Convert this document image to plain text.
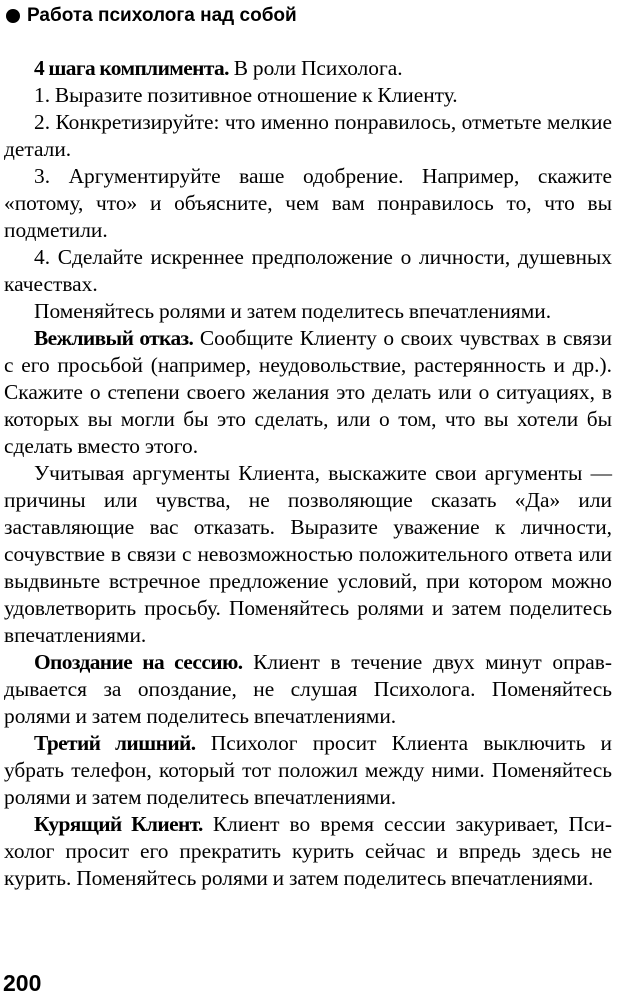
Работа психолога над собой

4 шага комплимента. В роли Психолога.

1. Выразите позитивное отношение к Клиенту.

2. Конкретизируйте: что именно понравилось, отметьте мелкие детали.

3. Аргументируйте ваше одобрение. Например, скажите «потому, что» и объясните, чем вам понравилось то, что вы подметили.

4. Сделайте искреннее предположение о личности, душевных качествах.

Поменяйтесь ролями и затем поделитесь впечатлениями.

Вежливый отказ. Сообщите Клиенту о своих чувствах в связи с его просьбой (например, неудовольствие, растерянность и др.). Скажите о степени своего желания это делать или о ситуациях, в которых вы могли бы это сделать, или о том, что вы хотели бы сделать вместо этого.

Учитывая аргументы Клиента, выскажите свои аргументы — причины или чувства, не позволяющие сказать «Да» или заставляющие вас отказать. Выразите уважение к личности, сочувствие в связи с невозможностью положительного ответа или выдвиньте встречное предложение условий, при котором можно удовлетворить просьбу. Поменяйтесь ролями и затем поделитесь впечатлениями.

Опоздание на сессию. Клиент в течение двух минут оправдывается за опоздание, не слушая Психолога. Поменяйтесь ролями и затем поделитесь впечатлениями.

Третий лишний. Психолог просит Клиента выключить и убрать телефон, который тот положил между ними. Поменяйтесь ролями и затем поделитесь впечатлениями.

Курящий Клиент. Клиент во время сессии закуривает, Психолог просит его прекратить курить сейчас и впредь здесь не курить. Поменяйтесь ролями и затем поделитесь впечатлениями.

200
